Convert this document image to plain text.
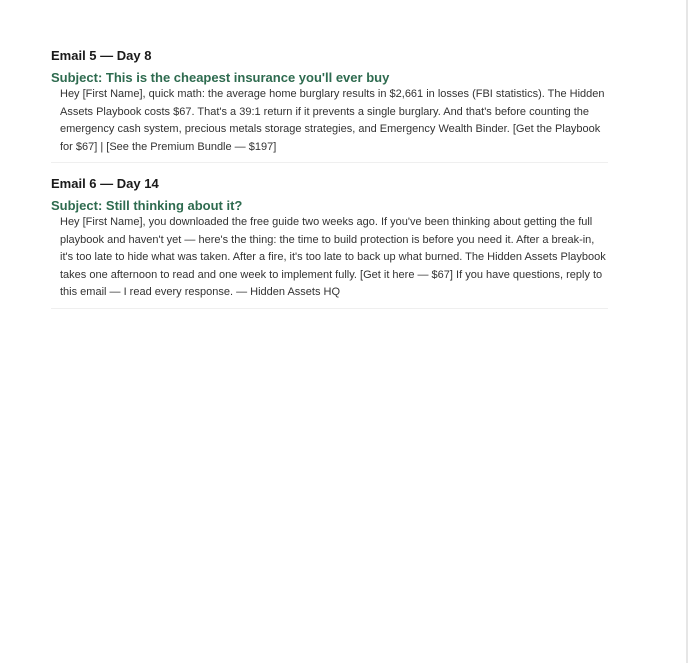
Email 5 — Day 8
Subject: This is the cheapest insurance you'll ever buy

Hey [First Name], quick math: the average home burglary results in $2,661 in losses (FBI statistics). The Hidden Assets Playbook costs $67. That's a 39:1 return if it prevents a single burglary. And that's before counting the emergency cash system, precious metals storage strategies, and Emergency Wealth Binder. [Get the Playbook for $67] | [See the Premium Bundle — $197]

Email 6 — Day 14
Subject: Still thinking about it?

Hey [First Name], you downloaded the free guide two weeks ago. If you've been thinking about getting the full playbook and haven't yet — here's the thing: the time to build protection is before you need it. After a break-in, it's too late to hide what was taken. After a fire, it's too late to back up what burned. The Hidden Assets Playbook takes one afternoon to read and one week to implement fully. [Get it here — $67] If you have questions, reply to this email — I read every response. — Hidden Assets HQ
